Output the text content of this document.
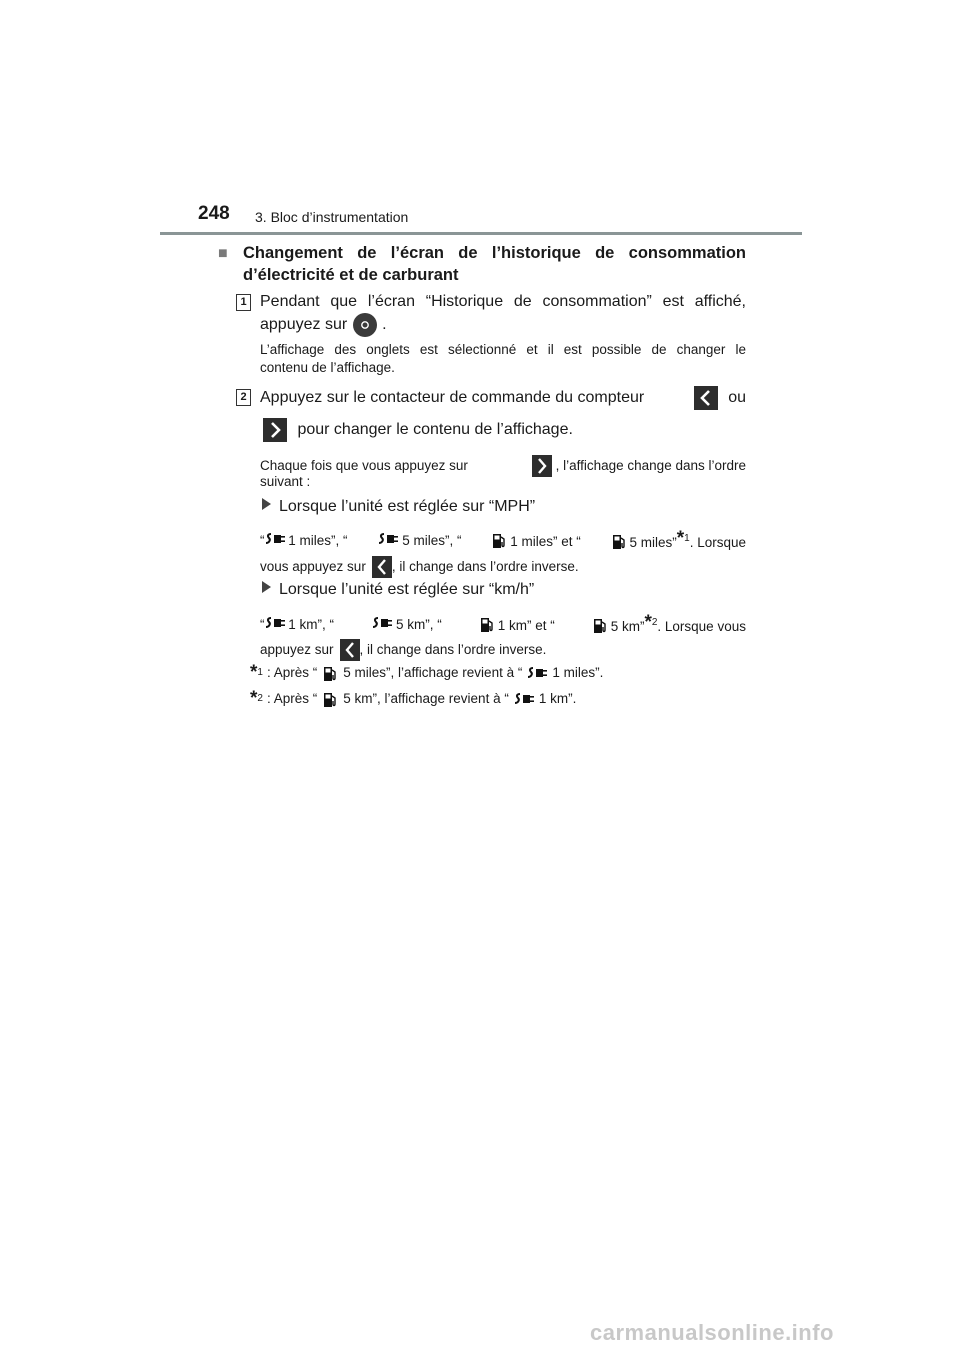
248 3. Bloc d’instrumentation
■ Changement de l’écran de l’historique de consommation
d’électricité et de carburant
1 Pendant que l’écran “Historique de consommation” est affiché,
appuyez sur .
L’affichage des onglets est sélectionné et il est possible de changer le
contenu de l’affichage.
2 Appuyez sur le contacteur de commande du compteur	ou
pour changer le contenu de l’affichage.
Chaque fois que vous appuyez sur	, l’affichage change dans l’ordre
suivant :
Lorsque l’unité est réglée sur “MPH”
“ 1 miles”, “	5 miles”, “	1 miles” et “	5 miles”*$^1$. Lorsque
vous appuyez sur , il change dans l’ordre inverse.
Lorsque l’unité est réglée sur “km/h”
“ 1 km”, “	5 km”, “	1 km” et “	5 km”*$^2$. Lorsque vous
appuyez sur , il change dans l’ordre inverse.
* 1 : Après “ 5 miles”, l’affichage revient à “ 1 miles”.
* 2 : Après “ 5 km”, l’affichage revient à “ 1 km”.
carmanualsonline.info
